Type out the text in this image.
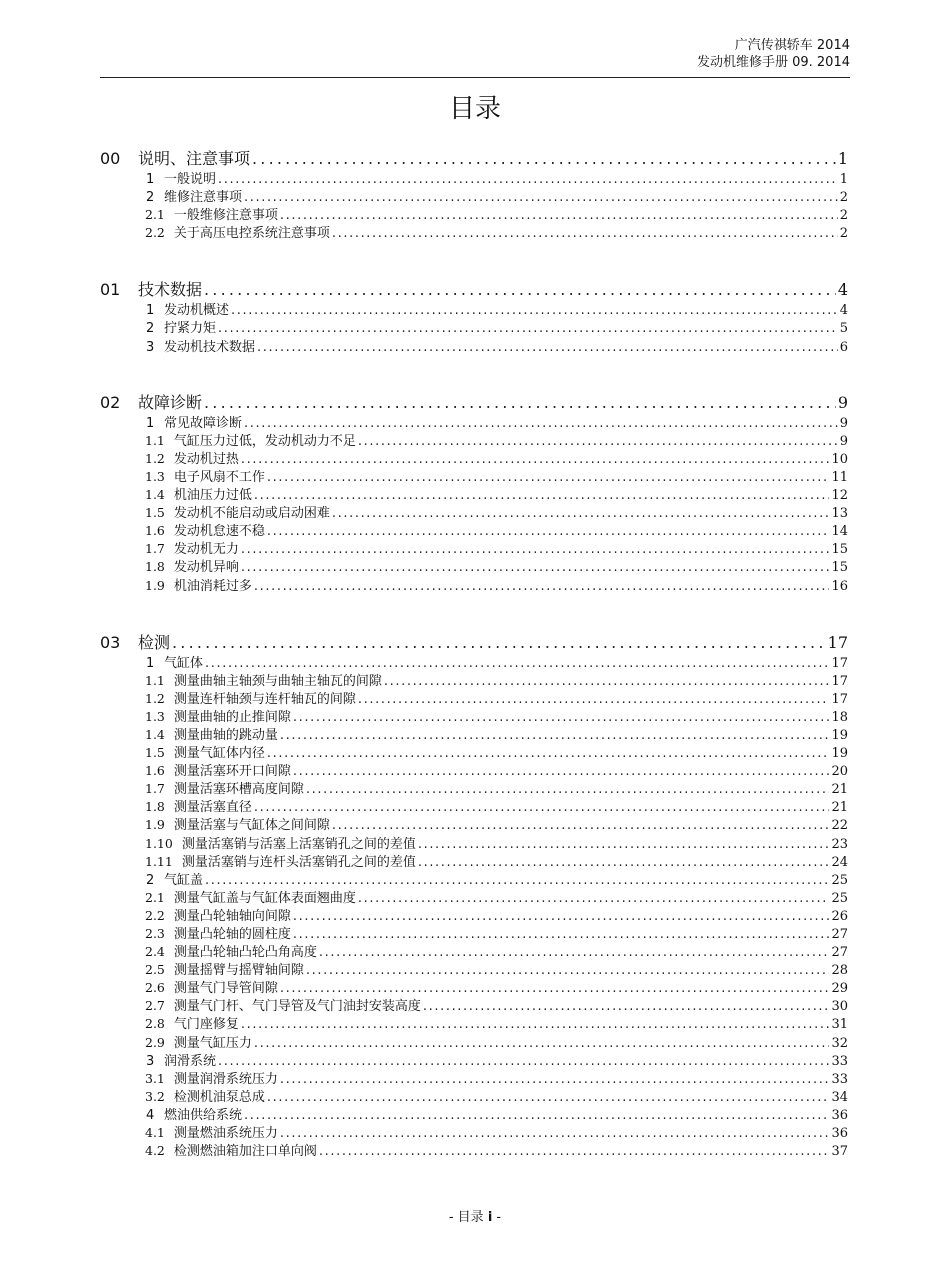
广汽传祺轿车 2014
发动机维修手册 09. 2014
目录
00	说明、注意事项 .....	1
1 一般说明 .....	1
2 维修注意事项 .....	2
2.1 一般维修注意事项 .....	2
2.2 关于高压电控系统注意事项 .....	2
01	技术数据 .....	4
1 发动机概述 .....	4
2 拧紧力矩 .....	5
3 发动机技术数据 .....	6
02	故障诊断 .....	9
1 常见故障诊断 .....	9
1.1 气缸压力过低，发动机动力不足 .....	9
1.2 发动机过热 .....	10
1.3 电子风扇不工作 .....	11
1.4 机油压力过低 .....	12
1.5 发动机不能启动或启动困难 .....	13
1.6 发动机怠速不稳 .....	14
1.7 发动机无力 .....	15
1.8 发动机异响 .....	15
1.9 机油消耗过多 .....	16
03	检测 .....	17
1 气缸体 .....	17
1.1 测量曲轴主轴颈与曲轴主轴瓦的间隙 .....	17
1.2 测量连杆轴颈与连杆轴瓦的间隙 .....	17
1.3 测量曲轴的止推间隙 .....	18
1.4 测量曲轴的跳动量 .....	19
1.5 测量气缸体内径 .....	19
1.6 测量活塞环开口间隙 .....	20
1.7 测量活塞环槽高度间隙 .....	21
1.8 测量活塞直径 .....	21
1.9 测量活塞与气缸体之间间隙 .....	22
1.10 测量活塞销与活塞上活塞销孔之间的差值 .....	23
1.11 测量活塞销与连杆头活塞销孔之间的差值 .....	24
2 气缸盖 .....	25
2.1 测量气缸盖与气缸体表面翘曲度 .....	25
2.2 测量凸轮轴轴向间隙 .....	26
2.3 测量凸轮轴的圆柱度 .....	27
2.4 测量凸轮轴凸轮凸角高度 .....	27
2.5 测量摇臂与摇臂轴间隙 .....	28
2.6 测量气门导管间隙 .....	29
2.7 测量气门杆、气门导管及气门油封安装高度 .....	30
2.8 气门座修复 .....	31
2.9 测量气缸压力 .....	32
3 润滑系统 .....	33
3.1 测量润滑系统压力 .....	33
3.2 检测机油泵总成 .....	34
4 燃油供给系统 .....	36
4.1 测量燃油系统压力 .....	36
4.2 检测燃油箱加注口单向阀 .....	37
- 目录 i -
